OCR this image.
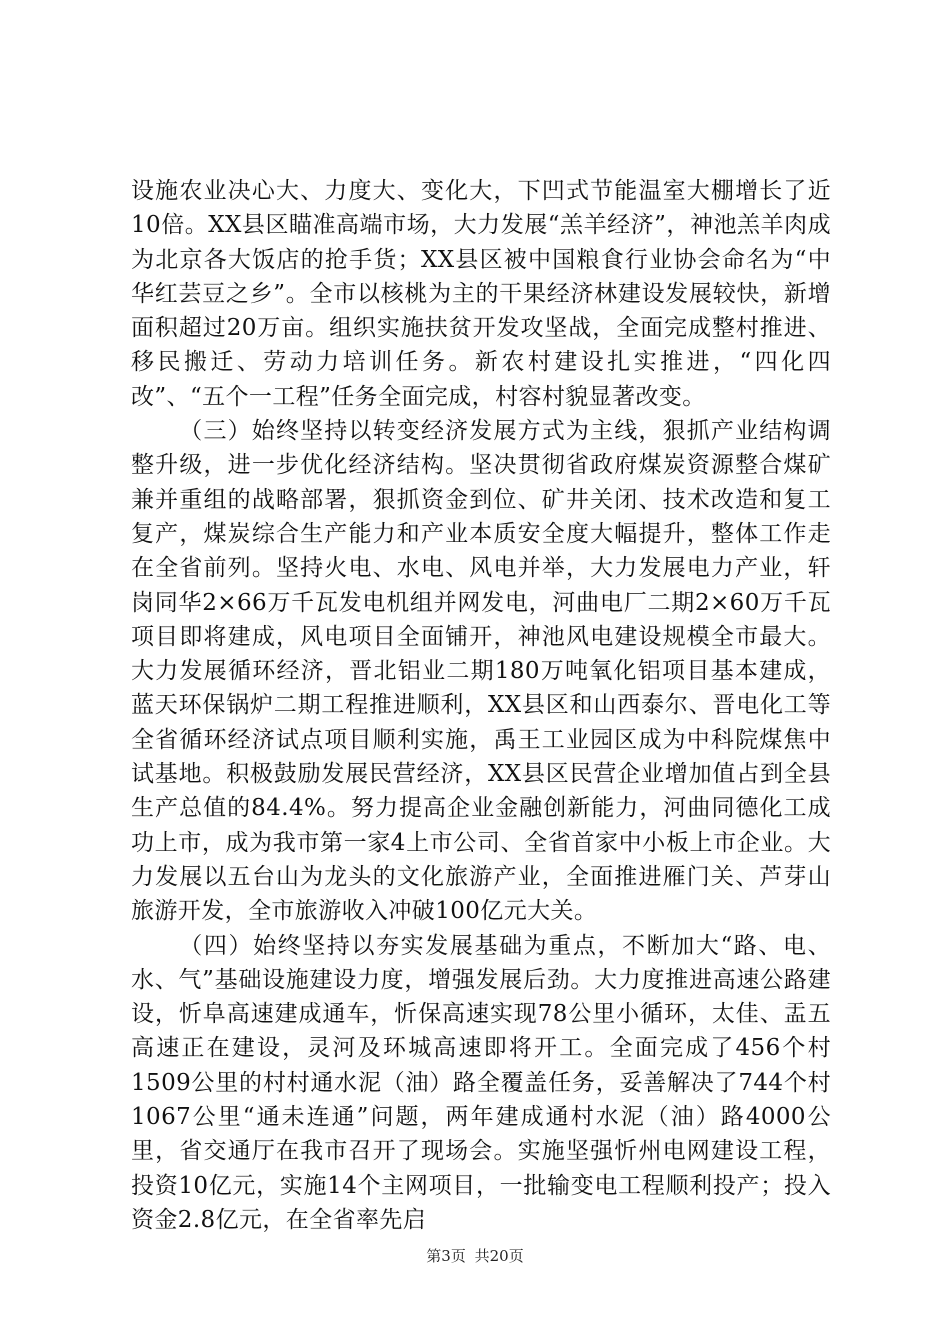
设施农业决心大、力度大、变化大，下凹式节能温室大棚增长了近10倍。XX县区瞄准高端市场，大力发展“羔羊经济”，神池羔羊肉成为北京各大饭店的抢手货；XX县区被中国粮食行业协会命名为“中华红芸豆之乡”。全市以核桃为主的干果经济林建设发展较快，新增面积超过20万亩。组织实施扶贫开发攻坚战，全面完成整村推进、移民搬迁、劳动力培训任务。新农村建设扎实推进，“四化四改”、“五个一工程”任务全面完成，村容村貌显著改变。

（三）始终坚持以转变经济发展方式为主线，狠抓产业结构调整升级，进一步优化经济结构。坚决贯彻省政府煤炭资源整合煤矿兼并重组的战略部署，狠抓资金到位、矿井关闭、技术改造和复工复产，煤炭综合生产能力和产业本质安全度大幅提升，整体工作走在全省前列。坚持火电、水电、风电并举，大力发展电力产业，轩岗同华2×66万千瓦发电机组并网发电，河曲电厂二期2×60万千瓦项目即将建成，风电项目全面铺开，神池风电建设规模全市最大。大力发展循环经济，晋北铝业二期180万吨氧化铝项目基本建成，蓝天环保锅炉二期工程推进顺利，XX县区和山西泰尔、晋电化工等全省循环经济试点项目顺利实施，禹王工业园区成为中科院煤焦中试基地。积极鼓励发展民营经济，XX县区民营企业增加值占到全县生产总值的84.4%。努力提高企业金融创新能力，河曲同德化工成功上市，成为我市第一家4上市公司、全省首家中小板上市企业。大力发展以五台山为龙头的文化旅游产业，全面推进雁门关、芦芽山旅游开发，全市旅游收入冲破100亿元大关。

（四）始终坚持以夯实发展基础为重点，不断加大“路、电、水、气”基础设施建设力度，增强发展后劲。大力度推进高速公路建设，忻阜高速建成通车，忻保高速实现78公里小循环，太佳、盂五高速正在建设，灵河及环城高速即将开工。全面完成了456个村1509公里的村村通水泥（油）路全覆盖任务，妥善解决了744个村1067公里“通未连通”问题，两年建成通村水泥（油）路4000公里，省交通厅在我市召开了现场会。实施坚强忻州电网建设工程，投资10亿元，实施14个主网项目，一批输变电工程顺利投产；投入资金2.8亿元，在全省率先启

第3页 共20页
